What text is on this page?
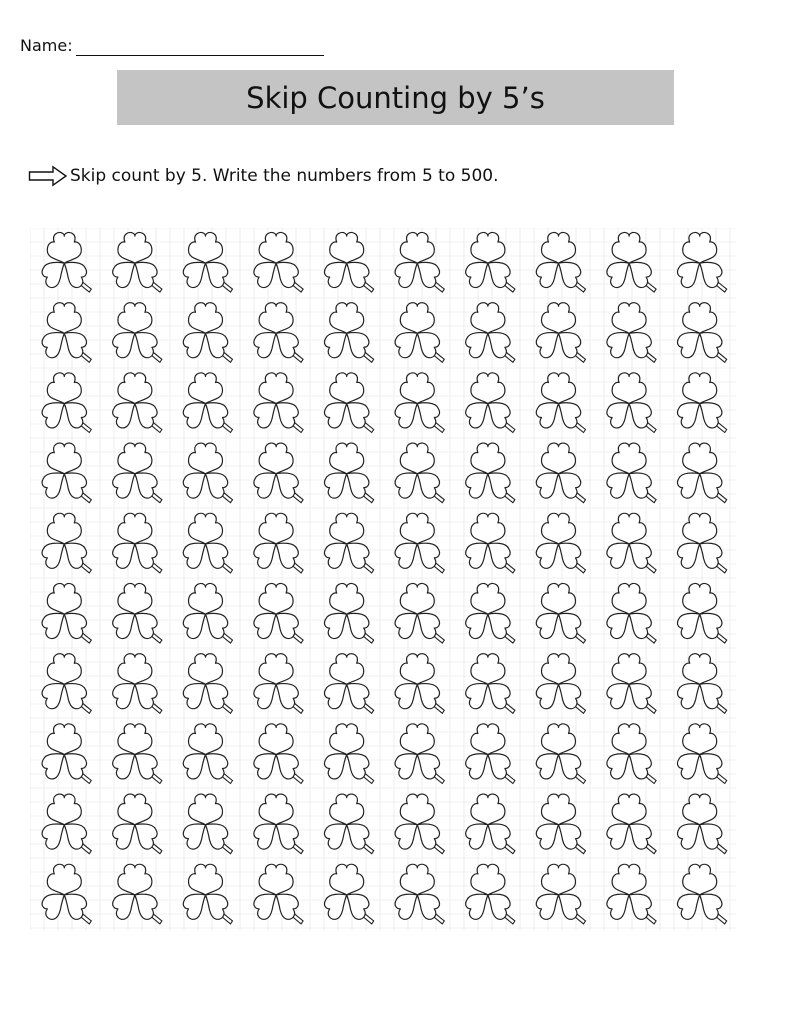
Name:
Skip Counting by 5’s
Skip count by 5. Write the numbers from 5 to 500.
